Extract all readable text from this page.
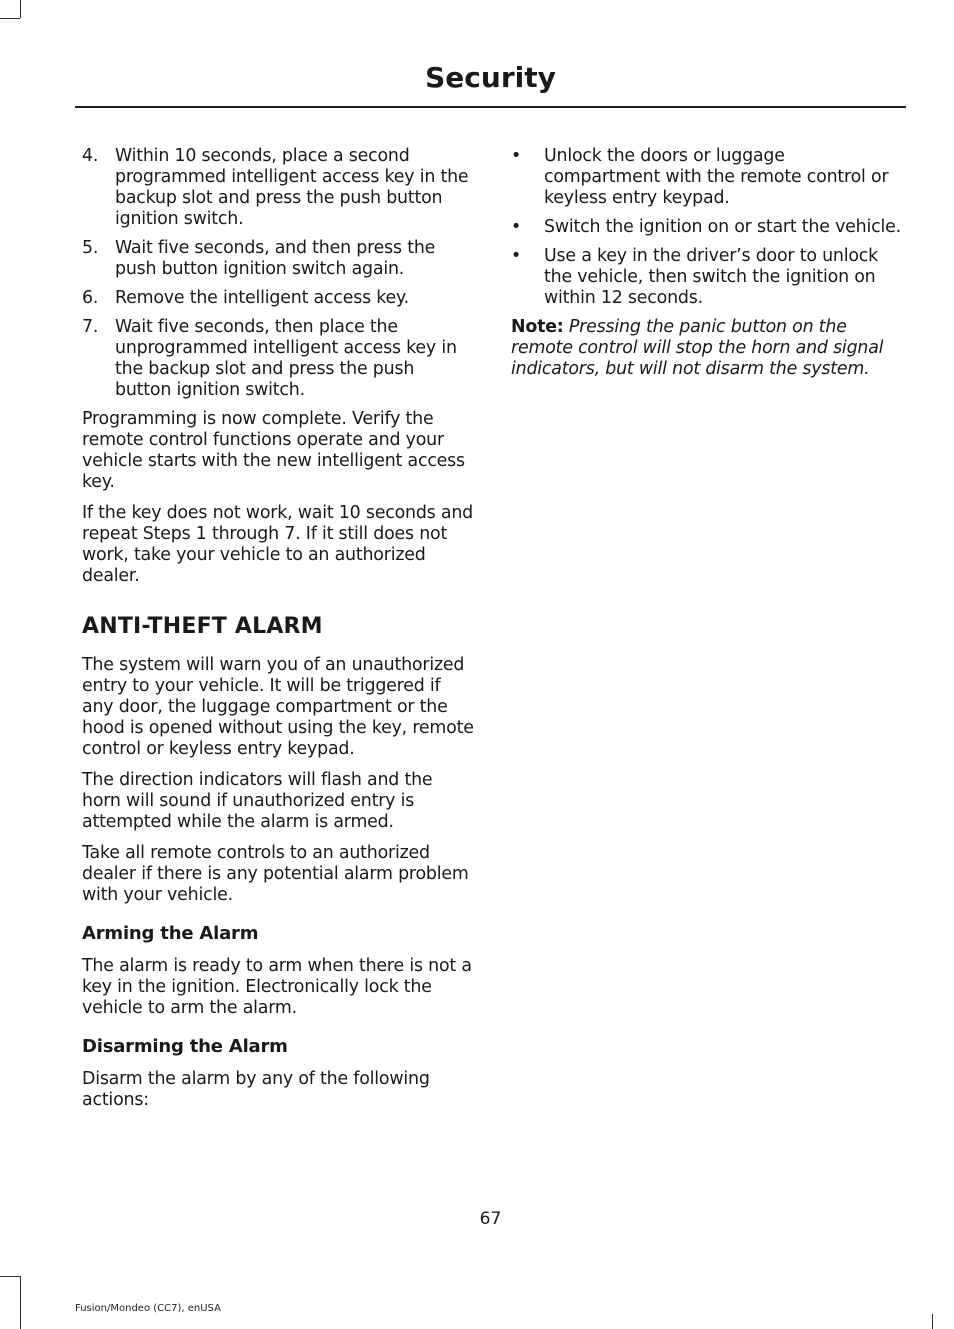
Security
4. Within 10 seconds, place a second programmed intelligent access key in the backup slot and press the push button ignition switch.
5. Wait five seconds, and then press the push button ignition switch again.
6. Remove the intelligent access key.
7. Wait five seconds, then place the unprogrammed intelligent access key in the backup slot and press the push button ignition switch.

Programming is now complete. Verify the remote control functions operate and your vehicle starts with the new intelligent access key.

If the key does not work, wait 10 seconds and repeat Steps 1 through 7. If it still does not work, take your vehicle to an authorized dealer.

ANTI-THEFT ALARM

The system will warn you of an unauthorized entry to your vehicle. It will be triggered if any door, the luggage compartment or the hood is opened without using the key, remote control or keyless entry keypad.

The direction indicators will flash and the horn will sound if unauthorized entry is attempted while the alarm is armed.

Take all remote controls to an authorized dealer if there is any potential alarm problem with your vehicle.

Arming the Alarm

The alarm is ready to arm when there is not a key in the ignition. Electronically lock the vehicle to arm the alarm.

Disarming the Alarm

Disarm the alarm by any of the following actions:

•	Unlock the doors or luggage compartment with the remote control or keyless entry keypad.
•	Switch the ignition on or start the vehicle.
•	Use a key in the driver’s door to unlock the vehicle, then switch the ignition on within 12 seconds.

Note: Pressing the panic button on the remote control will stop the horn and signal indicators, but will not disarm the system.

67
Fusion/Mondeo (CC7), enUSA
